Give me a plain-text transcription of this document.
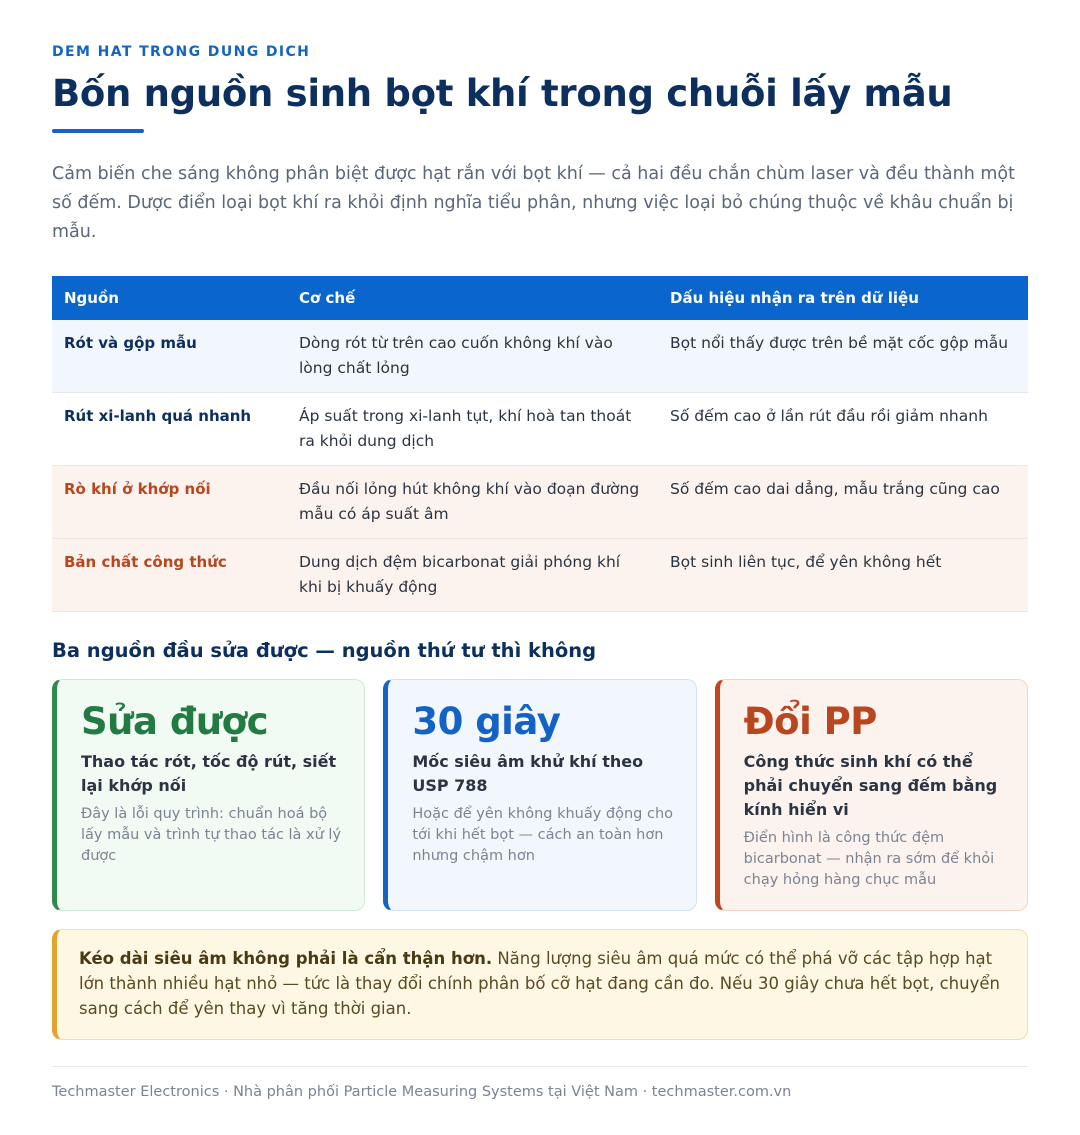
DEM HAT TRONG DUNG DICH
Bốn nguồn sinh bọt khí trong chuỗi lấy mẫu

Cảm biến che sáng không phân biệt được hạt rắn với bọt khí — cả hai đều chắn chùm laser và đều thành một số đếm. Dược điển loại bọt khí ra khỏi định nghĩa tiểu phân, nhưng việc loại bỏ chúng thuộc về khâu chuẩn bị mẫu.

Nguồn	Cơ chế	Dấu hiệu nhận ra trên dữ liệu
Rót và gộp mẫu	Dòng rót từ trên cao cuốn không khí vào lòng chất lỏng	Bọt nổi thấy được trên bề mặt cốc gộp mẫu
Rút xi-lanh quá nhanh	Áp suất trong xi-lanh tụt, khí hoà tan thoát ra khỏi dung dịch	Số đếm cao ở lần rút đầu rồi giảm nhanh
Rò khí ở khớp nối	Đầu nối lỏng hút không khí vào đoạn đường mẫu có áp suất âm	Số đếm cao dai dẳng, mẫu trắng cũng cao
Bản chất công thức	Dung dịch đệm bicarbonat giải phóng khí khi bị khuấy động	Bọt sinh liên tục, để yên không hết
Ba nguồn đầu sửa được — nguồn thứ tư thì không
Sửa được
Thao tác rót, tốc độ rút, siết lại khớp nối
Đây là lỗi quy trình: chuẩn hoá bộ lấy mẫu và trình tự thao tác là xử lý được
30 giây
Mốc siêu âm khử khí theo USP 788
Hoặc để yên không khuấy động cho tới khi hết bọt — cách an toàn hơn nhưng chậm hơn
Đổi PP
Công thức sinh khí có thể phải chuyển sang đếm bằng kính hiển vi
Điển hình là công thức đệm bicarbonat — nhận ra sớm để khỏi chạy hỏng hàng chục mẫu
Kéo dài siêu âm không phải là cẩn thận hơn. Năng lượng siêu âm quá mức có thể phá vỡ các tập hợp hạt lớn thành nhiều hạt nhỏ — tức là thay đổi chính phân bố cỡ hạt đang cần đo. Nếu 30 giây chưa hết bọt, chuyển sang cách để yên thay vì tăng thời gian.
Techmaster Electronics · Nhà phân phối Particle Measuring Systems tại Việt Nam · techmaster.com.vn
